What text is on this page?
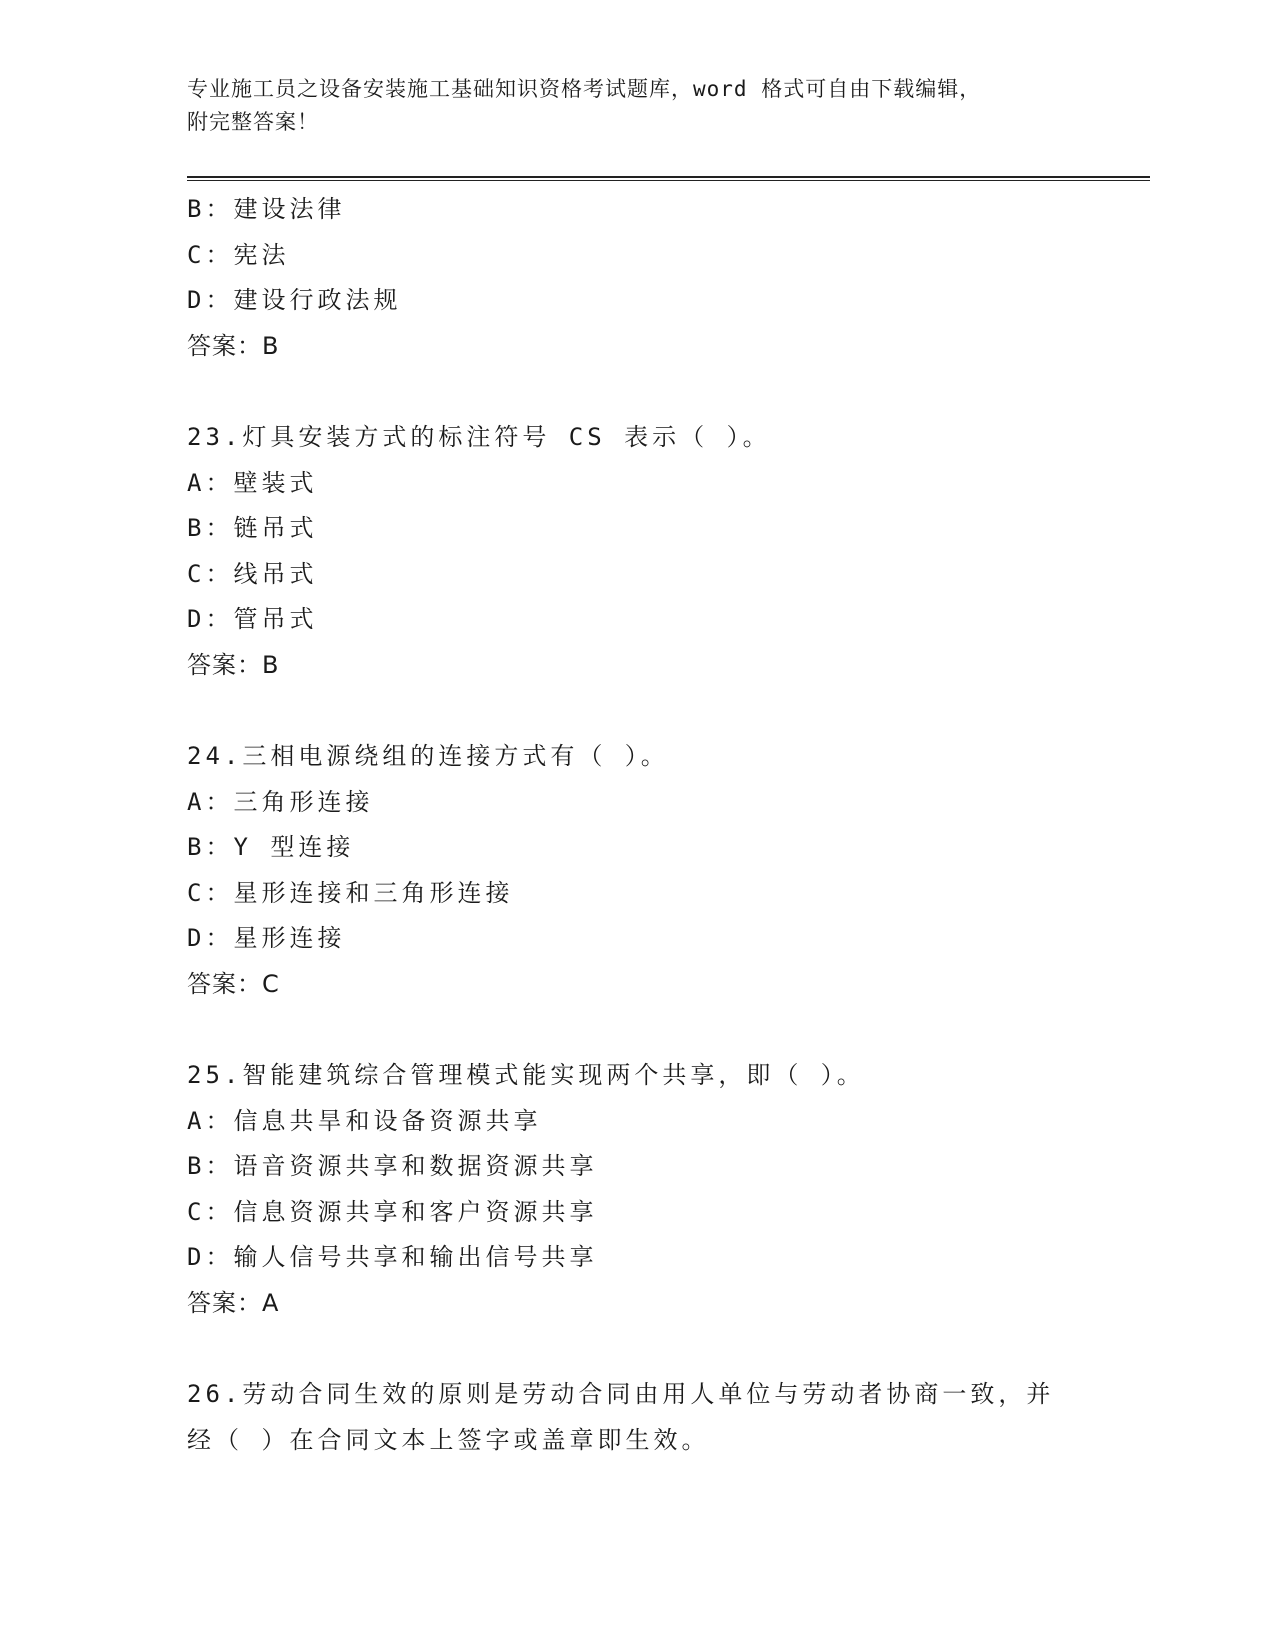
专业施工员之设备安装施工基础知识资格考试题库，word 格式可自由下载编辑，
附完整答案！
B：建设法律
C：宪法
D：建设行政法规
答案：B
23.灯具安装方式的标注符号 CS 表示（ ）。
A：壁装式
B：链吊式
C：线吊式
D：管吊式
答案：B
24.三相电源绕组的连接方式有（ ）。
A：三角形连接
B：Y 型连接
C：星形连接和三角形连接
D：星形连接
答案：C
25.智能建筑综合管理模式能实现两个共享，即（ ）。
A：信息共旱和设备资源共享
B：语音资源共享和数据资源共享
C：信息资源共享和客户资源共享
D：输人信号共享和输出信号共享
答案：A
26.劳动合同生效的原则是劳动合同由用人单位与劳动者协商一致，并
经（ ）在合同文本上签字或盖章即生效。
